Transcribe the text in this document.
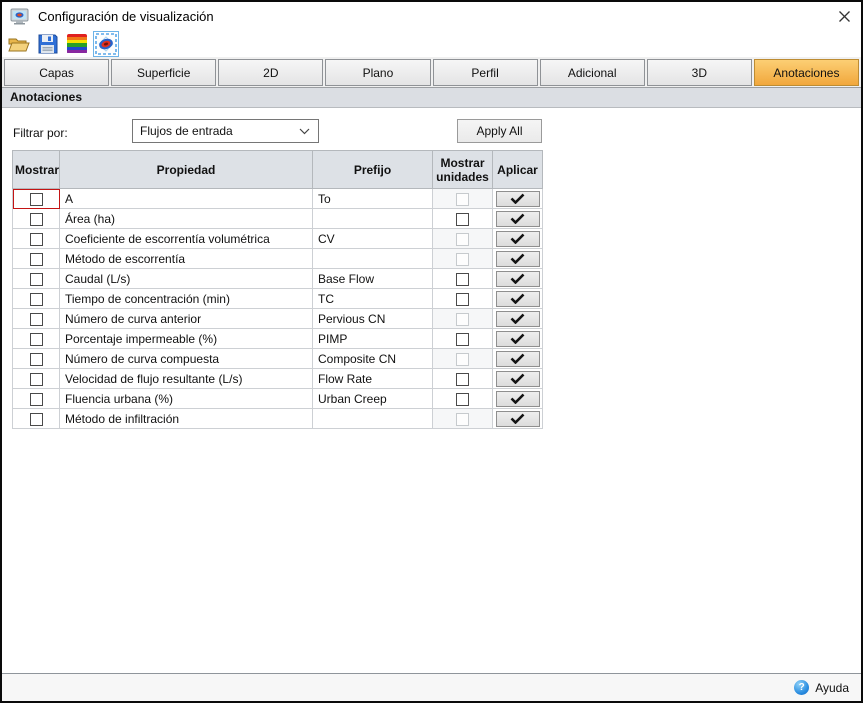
Configuración de visualización
Capas	Superficie	2D	Plano	Perfil	Adicional	3D	Anotaciones
Anotaciones
Filtrar por:	Flujos de entrada	Apply All
Mostrar	Propiedad	Prefijo	Mostrar unidades	Aplicar
	A	To		

	Área (ha)			

	Coeficiente de escorrentía volumétrica	CV		

	Método de escorrentía			

	Caudal (L/s)	Base Flow		

	Tiempo de concentración (min)	TC		

	Número de curva anterior	Pervious CN		

	Porcentaje impermeable (%)	PIMP		

	Número de curva compuesta	Composite CN		

	Velocidad de flujo resultante (L/s)	Flow Rate		

	Fluencia urbana (%)	Urban Creep		

	Método de infiltración			
? Ayuda
